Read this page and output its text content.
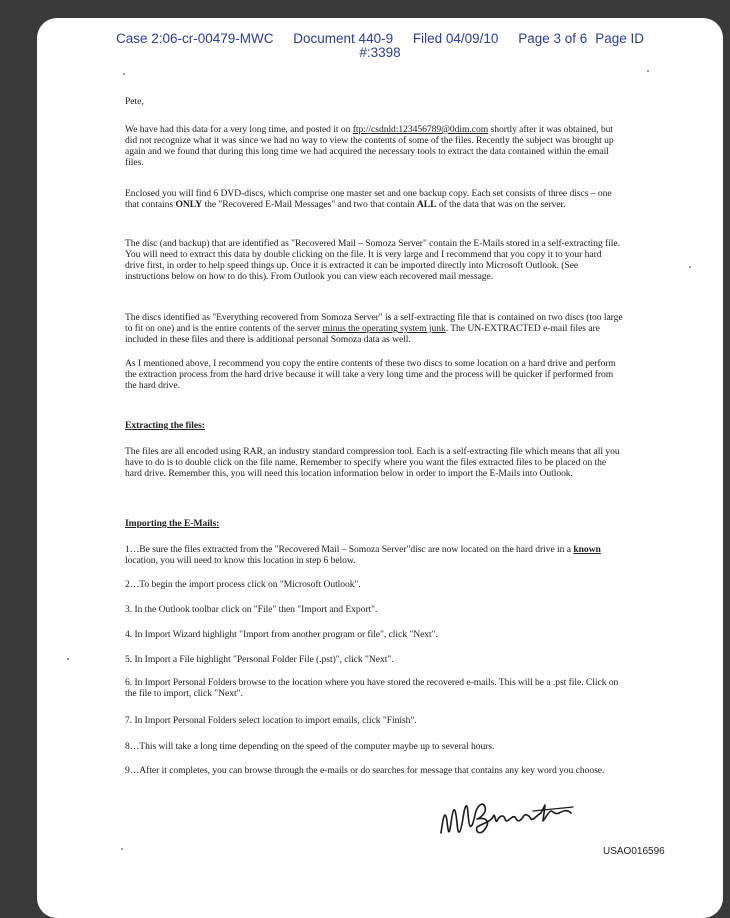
Case 2:06-cr-00479-MWC Document 440-9 Filed 04/09/10 Page 3 of 6 Page ID
#:3398

Pete,

We have had this data for a very long time, and posted it on ftp://csdnld:123456789@0dim.com shortly after it was obtained, but did not recognize what it was since we had no way to view the contents of some of the files. Recently the subject was brought up again and we found that during this long time we had acquired the necessary tools to extract the data contained within the email files.

Enclosed you will find 6 DVD-discs, which comprise one master set and one backup copy. Each set consists of three discs – one that contains ONLY the "Recovered E-Mail Messages" and two that contain ALL of the data that was on the server.

The disc (and backup) that are identified as "Recovered Mail – Somoza Server" contain the E-Mails stored in a self-extracting file. You will need to extract this data by double clicking on the file. It is very large and I recommend that you copy it to your hard drive first, in order to help speed things up. Once it is extracted it can be imported directly into Microsoft Outlook. (See instructions below on how to do this). From Outlook you can view each recovered mail message.

The discs identified as "Everything recovered from Somoza Server" is a self-extracting file that is contained on two discs (too large to fit on one) and is the entire contents of the server minus the operating system junk. The UN-EXTRACTED e-mail files are included in these files and there is additional personal Somoza data as well.

As I mentioned above, I recommend you copy the entire contents of these two discs to some location on a hard drive and perform the extraction process from the hard drive because it will take a very long time and the process will be quicker if performed from the hard drive.

Extracting the files:

The files are all encoded using RAR, an industry standard compression tool. Each is a self-extracting file which means that all you have to do is to double click on the file name. Remember to specify where you want the files extracted files to be placed on the hard drive. Remember this, you will need this location information below in order to import the E-Mails into Outlook.

Importing the E-Mails:

1…Be sure the files extracted from the "Recovered Mail – Somoza Server"disc are now located on the hard drive in a known location, you will need to know this location in step 6 below.

2…To begin the import process click on "Microsoft Outlook".

3. In the Outlook toolbar click on "File" then "Import and Export".

4. In Import Wizard highlight "Import from another program or file", click "Next".

5. In Import a File highlight "Personal Folder File (.pst)", click "Next".

6. In Import Personal Folders browse to the location where you have stored the recovered e-mails. This will be a .pst file. Click on the file to import, click "Next".

7. In Import Personal Folders select location to import emails, click "Finish".

8…This will take a long time depending on the speed of the computer maybe up to several hours.

9…After it completes, you can browse through the e-mails or do searches for message that contains any key word you choose.

USAO016596
